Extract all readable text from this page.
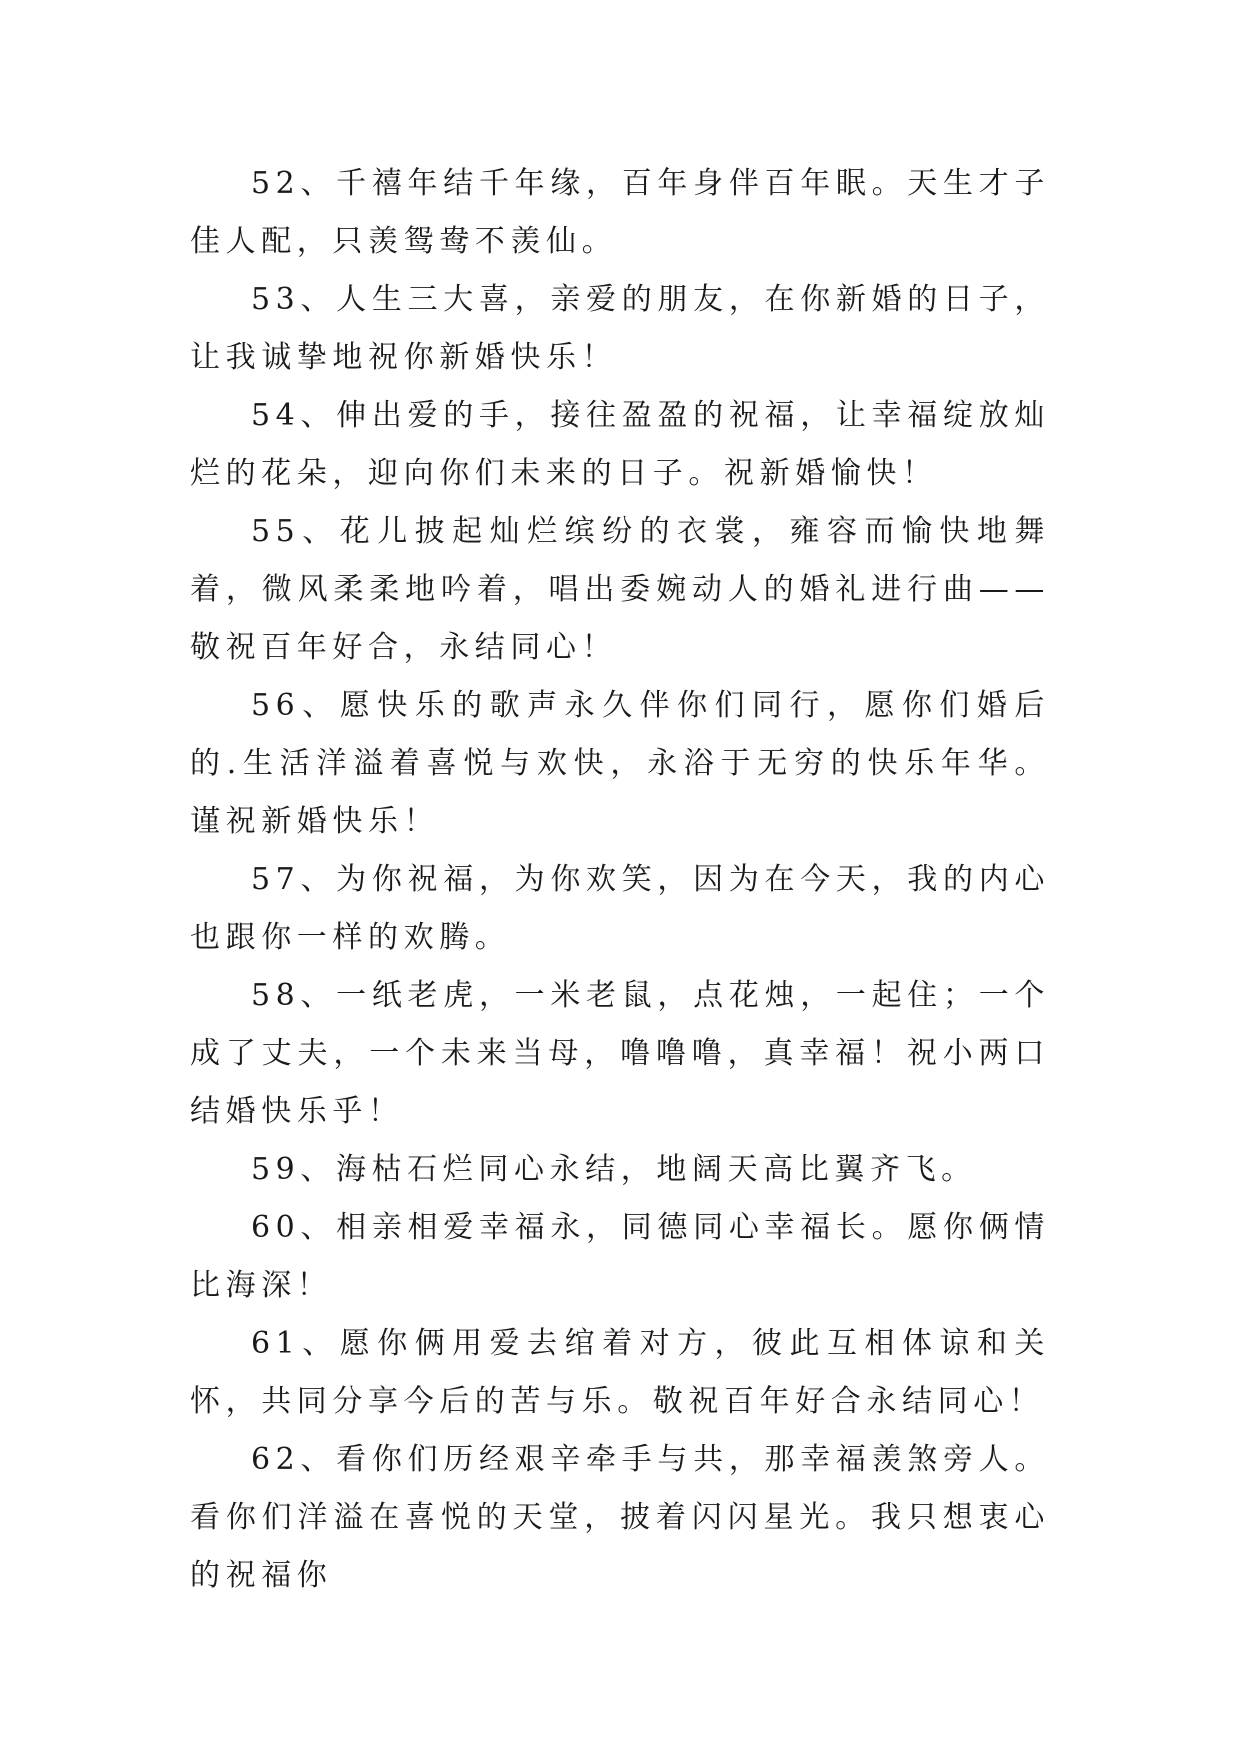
52、千禧年结千年缘，百年身伴百年眠。天生才子佳人配，只羡鸳鸯不羡仙。

53、人生三大喜，亲爱的朋友，在你新婚的日子，让我诚挚地祝你新婚快乐！

54、伸出爱的手，接往盈盈的祝福，让幸福绽放灿烂的花朵，迎向你们未来的日子。祝新婚愉快！

55、花儿披起灿烂缤纷的衣裳，雍容而愉快地舞着，微风柔柔地吟着，唱出委婉动人的婚礼进行曲——敬祝百年好合，永结同心！

56、愿快乐的歌声永久伴你们同行，愿你们婚后的.生活洋溢着喜悦与欢快，永浴于无穷的快乐年华。谨祝新婚快乐！

57、为你祝福，为你欢笑，因为在今天，我的内心也跟你一样的欢腾。

58、一纸老虎，一米老鼠，点花烛，一起住；一个成了丈夫，一个未来当母，噜噜噜，真幸福！祝小两口结婚快乐乎！

59、海枯石烂同心永结，地阔天高比翼齐飞。

60、相亲相爱幸福永，同德同心幸福长。愿你俩情比海深！

61、愿你俩用爱去绾着对方，彼此互相体谅和关怀，共同分享今后的苦与乐。敬祝百年好合永结同心！

62、看你们历经艰辛牵手与共，那幸福羡煞旁人。看你们洋溢在喜悦的天堂，披着闪闪星光。我只想衷心的祝福你
